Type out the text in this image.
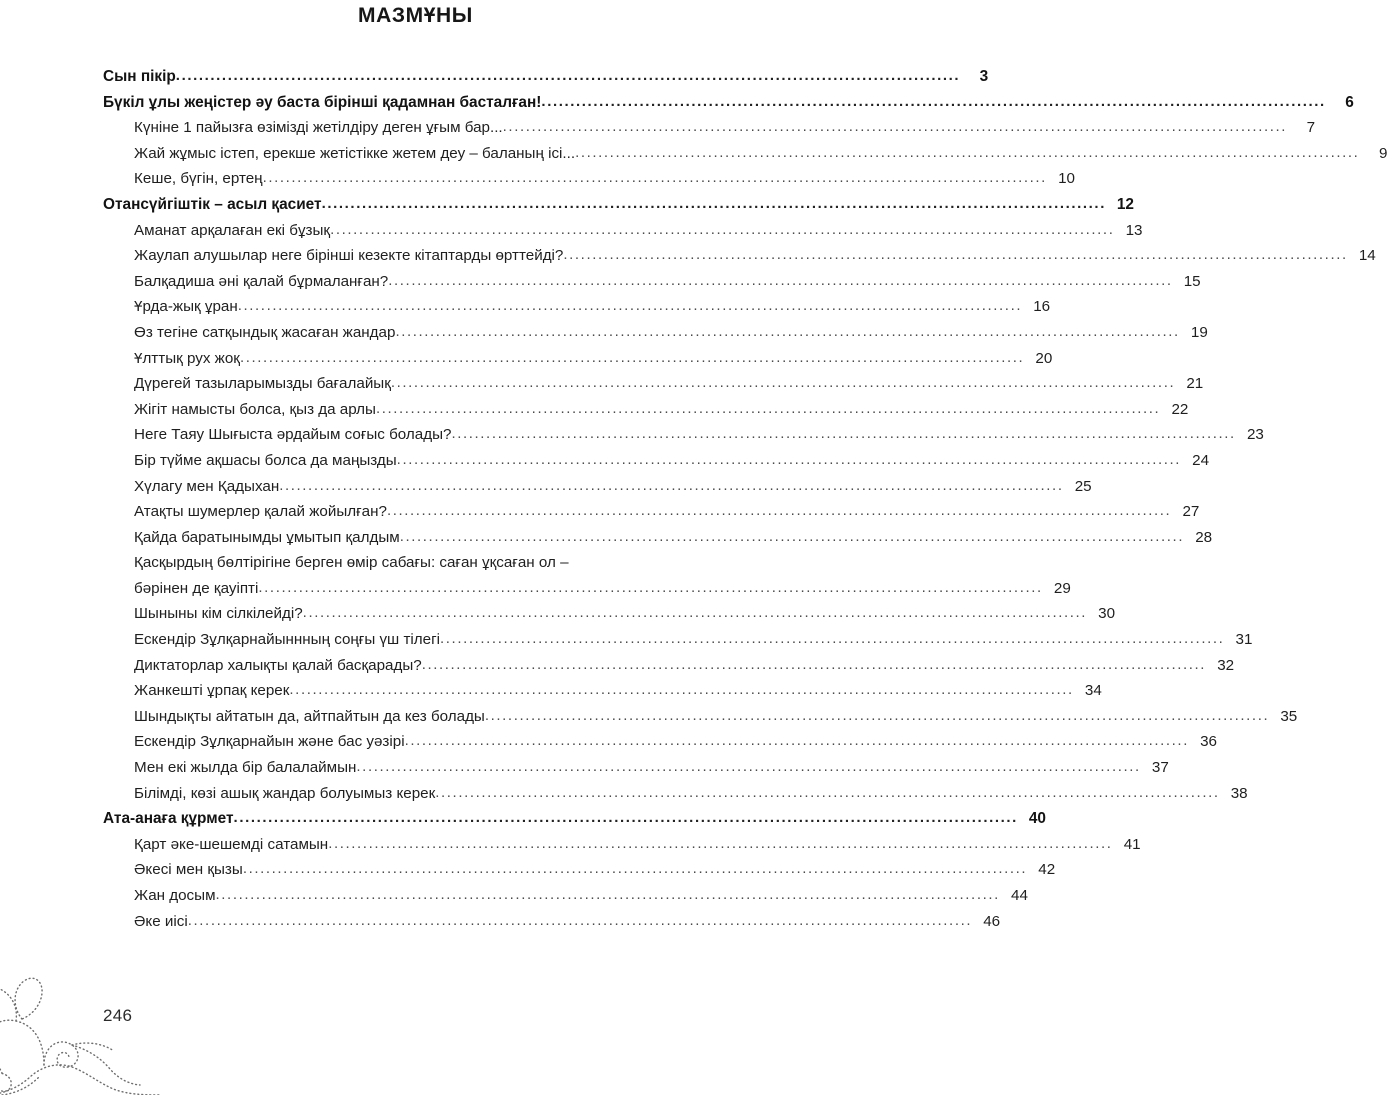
МАЗМҰНЫ
Сын пікір .....	3
Бүкіл ұлы жеңістер әу баста бірінші қадамнан басталған! .....	6
Күніне 1 пайызға өзімізді жетілдіру деген ұғым бар... .....	7
Жай жұмыс істеп, ерекше жетістікке жетем деу – баланың ісі... .....	9
Кеше, бүгін, ертең .....	10
Отансүйгіштік – асыл қасиет .....	12
Аманат арқалаған екі бұзық .....	13
Жаулап алушылар неге бірінші кезекте кітаптарды өрттейді? .....	14
Балқадиша әні қалай бұрмаланған? .....	15
Ұрда-жық ұран .....	16
Өз тегіне сатқындық жасаған жандар .....	19
Ұлттық рух жоқ .....	20
Дүрегей тазыларымызды бағалайық .....	21
Жігіт намысты болса, қыз да арлы .....	22
Неге Таяу Шығыста әрдайым соғыс болады? .....	23
Бір түйме ақшасы болса да маңызды .....	24
Хүлагу мен Қадыхан .....	25
Атақты шумерлер қалай жойылған? .....	27
Қайда баратынымды ұмытып қалдым .....	28
Қасқырдың бөлтірігіне берген өмір сабағы: саған ұқсаған ол –
бәрінен де қауіпті .....	29
Шыныны кім сілкілейді? .....	30
Ескендір Зұлқарнайыннның соңғы үш тілегі .....	31
Диктаторлар халықты қалай басқарады? .....	32
Жанкешті ұрпақ керек .....	34
Шындықты айтатын да, айтпайтын да кез болады .....	35
Ескендір Зұлқарнайын және бас уәзірі .....	36
Мен екі жылда бір балалаймын .....	37
Білімді, көзі ашық жандар болуымыз керек .....	38
Ата-анаға құрмет .....	40
Қарт әке-шешемді сатамын .....	41
Әкесі мен қызы .....	42
Жан досым .....	44
Әке иісі .....	46
246
